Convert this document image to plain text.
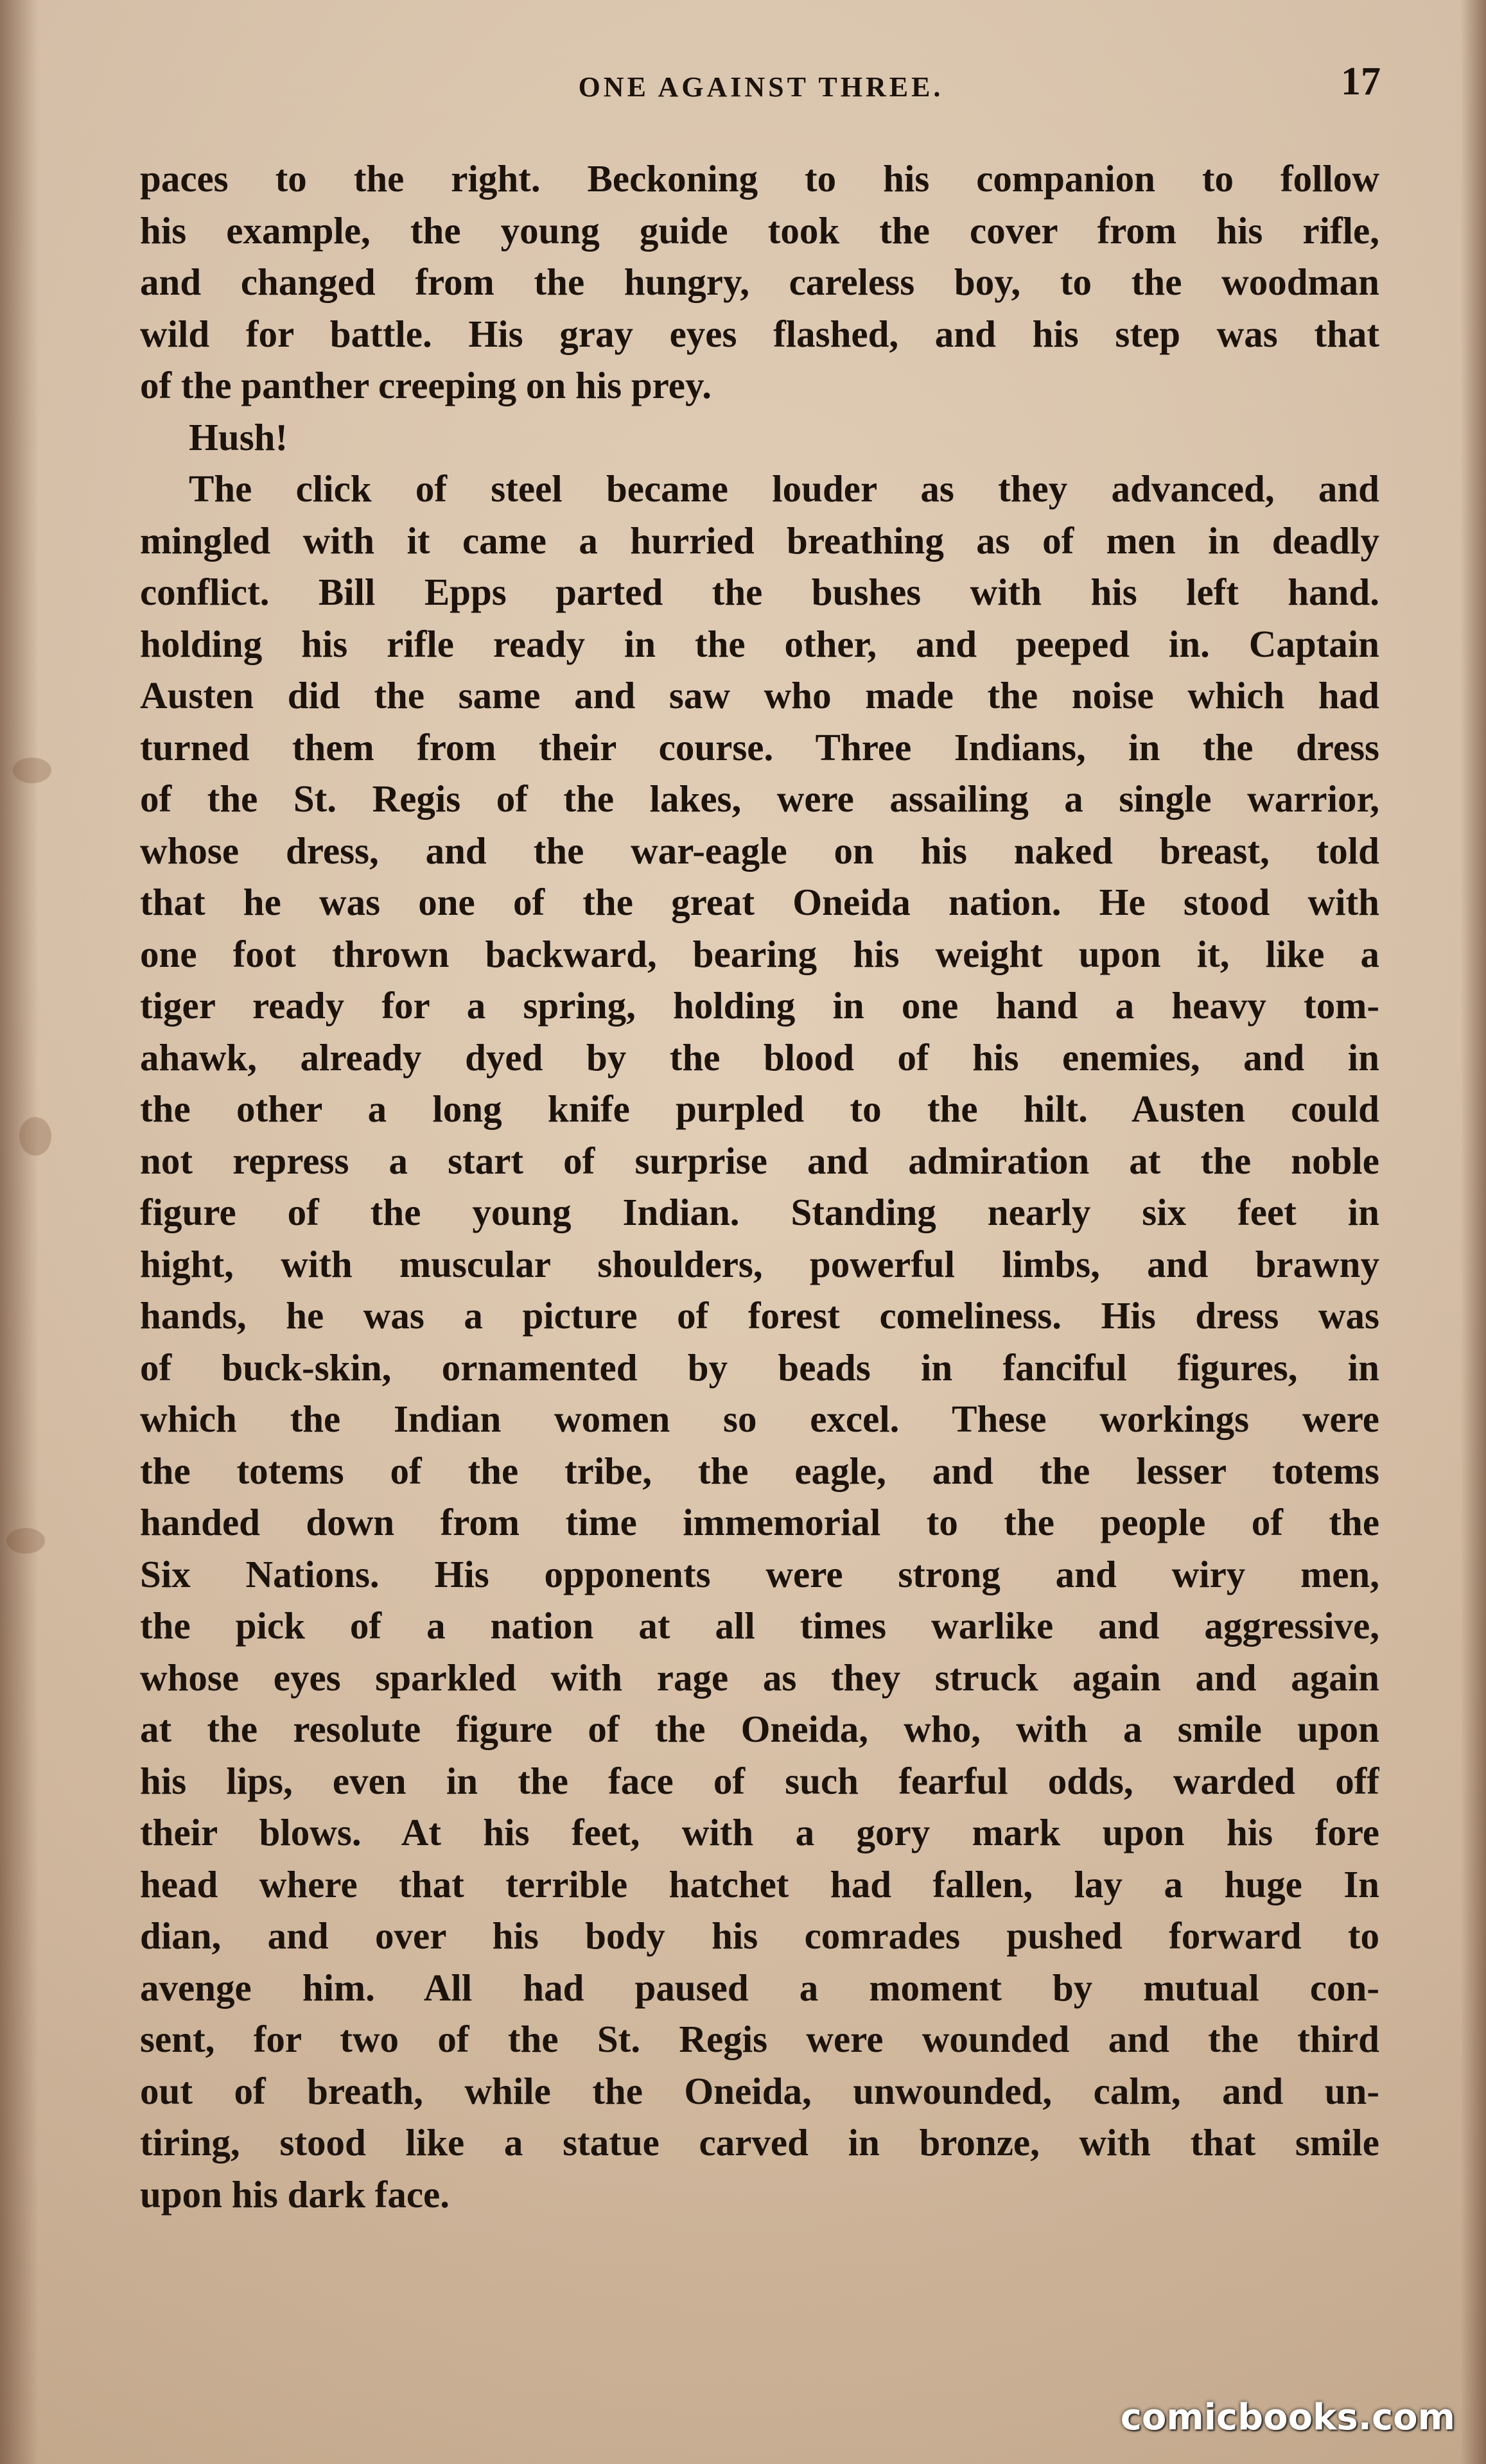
ONE AGAINST THREE.	17
paces to the right. Beckoning to his companion to follow
his example, the young guide took the cover from his rifle,
and changed from the hungry, careless boy, to the woodman
wild for battle. His gray eyes flashed, and his step was that
of the panther creeping on his prey.
Hush!
The click of steel became louder as they advanced, and
mingled with it came a hurried breathing as of men in deadly
conflict. Bill Epps parted the bushes with his left hand.
holding his rifle ready in the other, and peeped in. Captain
Austen did the same and saw who made the noise which had
turned them from their course. Three Indians, in the dress
of the St. Regis of the lakes, were assailing a single warrior,
whose dress, and the war-eagle on his naked breast, told
that he was one of the great Oneida nation. He stood with
one foot thrown backward, bearing his weight upon it, like a
tiger ready for a spring, holding in one hand a heavy tom-
ahawk, already dyed by the blood of his enemies, and in
the other a long knife purpled to the hilt. Austen could
not repress a start of surprise and admiration at the noble
figure of the young Indian. Standing nearly six feet in
hight, with muscular shoulders, powerful limbs, and brawny
hands, he was a picture of forest comeliness. His dress was
of buck-skin, ornamented by beads in fanciful figures, in
which the Indian women so excel. These workings were
the totems of the tribe, the eagle, and the lesser totems
handed down from time immemorial to the people of the
Six Nations. His opponents were strong and wiry men,
the pick of a nation at all times warlike and aggressive,
whose eyes sparkled with rage as they struck again and again
at the resolute figure of the Oneida, who, with a smile upon
his lips, even in the face of such fearful odds, warded off
their blows. At his feet, with a gory mark upon his fore
head where that terrible hatchet had fallen, lay a huge In
dian, and over his body his comrades pushed forward to
avenge him. All had paused a moment by mutual con-
sent, for two of the St. Regis were wounded and the third
out of breath, while the Oneida, unwounded, calm, and un-
tiring, stood like a statue carved in bronze, with that smile
upon his dark face.
comicbooks.com
